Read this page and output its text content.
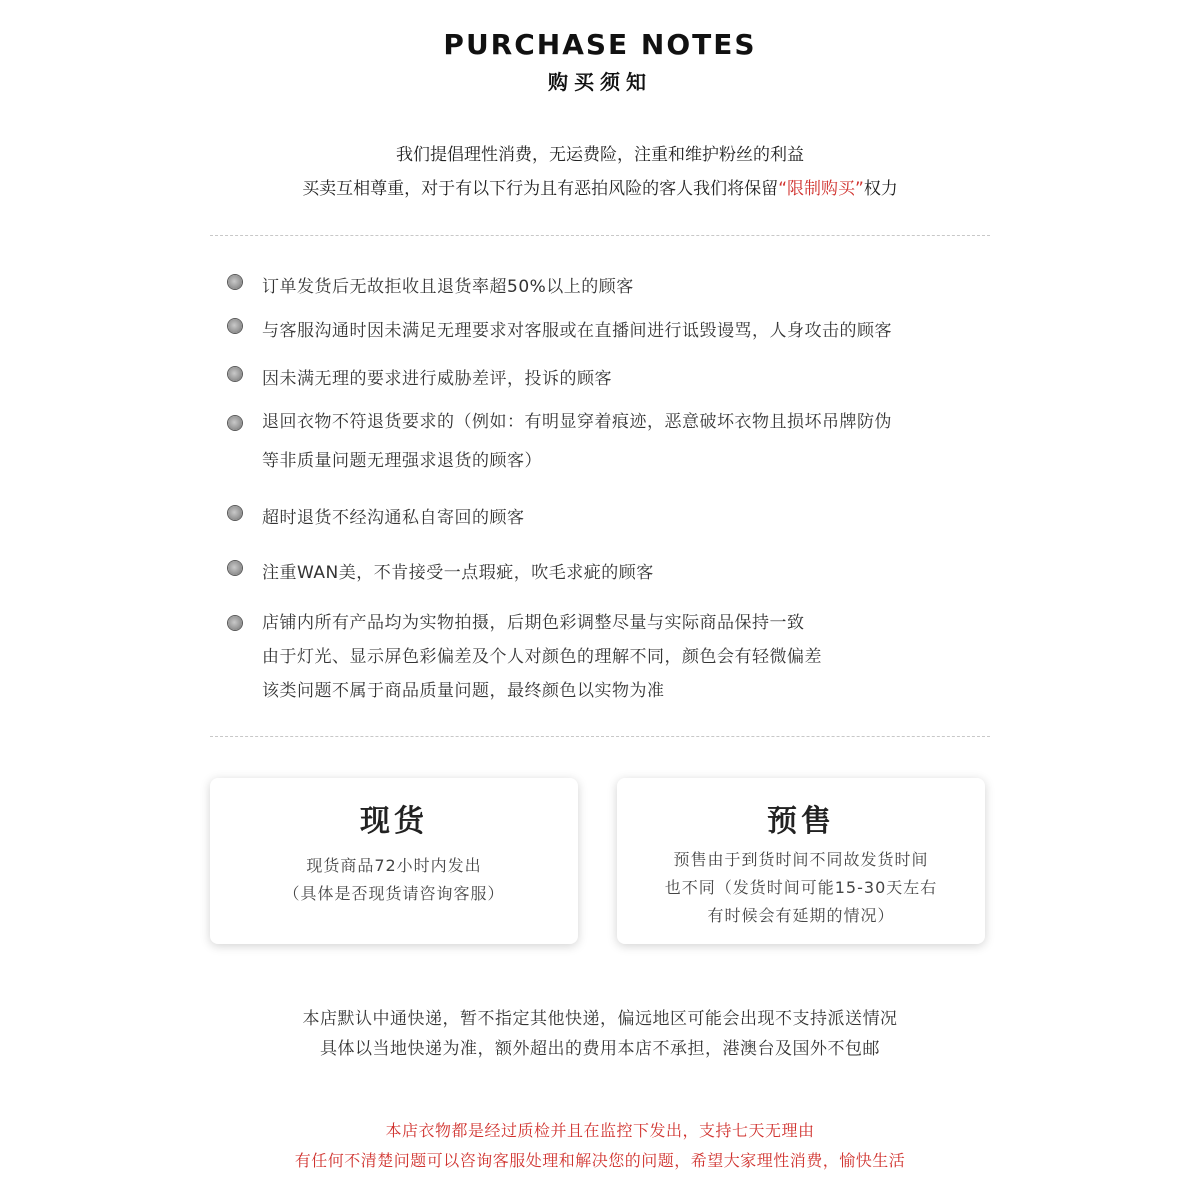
PURCHASE NOTES
购买须知
我们提倡理性消费，无运费险，注重和维护粉丝的利益
买卖互相尊重，对于有以下行为且有恶拍风险的客人我们将保留“限制购买”权力
订单发货后无故拒收且退货率超50%以上的顾客
与客服沟通时因未满足无理要求对客服或在直播间进行诋毁谩骂，人身攻击的顾客
因未满无理的要求进行威胁差评，投诉的顾客
退回衣物不符退货要求的（例如：有明显穿着痕迹，恶意破坏衣物且损坏吊牌防伪
等非质量问题无理强求退货的顾客）
超时退货不经沟通私自寄回的顾客
注重WAN美，不肯接受一点瑕疵，吹毛求疵的顾客
店铺内所有产品均为实物拍摄，后期色彩调整尽量与实际商品保持一致
由于灯光、显示屏色彩偏差及个人对颜色的理解不同，颜色会有轻微偏差
该类问题不属于商品质量问题，最终颜色以实物为准
现货
现货商品72小时内发出
（具体是否现货请咨询客服）
预售
预售由于到货时间不同故发货时间
也不同（发货时间可能15-30天左右
有时候会有延期的情况）
本店默认中通快递，暂不指定其他快递，偏远地区可能会出现不支持派送情况
具体以当地快递为准，额外超出的费用本店不承担，港澳台及国外不包邮
本店衣物都是经过质检并且在监控下发出，支持七天无理由
有任何不清楚问题可以咨询客服处理和解决您的问题，希望大家理性消费，愉快生活
